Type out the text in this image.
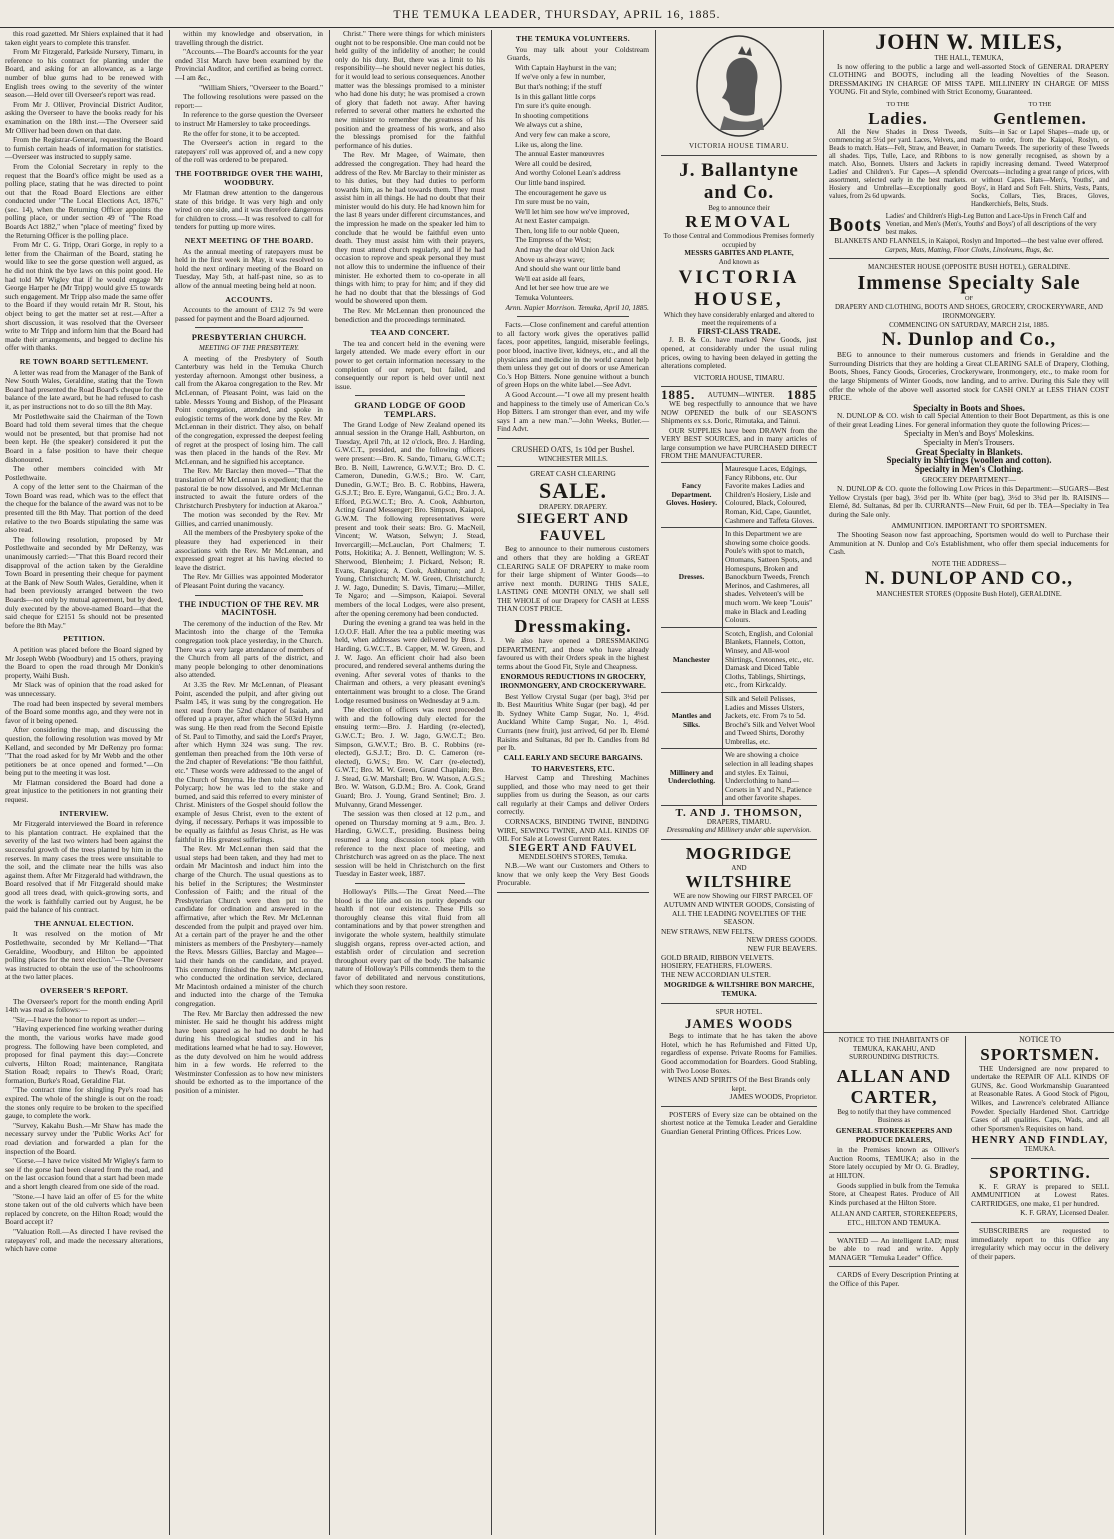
THE TEMUKA LEADER, THURSDAY, APRIL 16, 1885.

this road gazetted. Mr Shiers explained that it had taken eight years to complete this transfer.

From Mr Fitzgerald, Parkside Nursery, Timaru, in reference to his contract for planting under the Board, and asking for an allowance, as a large number of blue gums had to be renewed with English trees owing to the severity of the winter season.—Held over till Overseer's report was read.

From Mr J. Olliver, Provincial District Auditor, asking the Overseer to have the books ready for his examination on the 18th inst.—The Overseer said Mr Olliver had been down on that date.

From the Registrar-General, requesting the Board to furnish certain heads of information for statistics.—Overseer was instructed to supply same.

From the Colonial Secretary in reply to the request that the Board's office might be used as a polling place, stating that he was directed to point out that the Road Board Elections are either conducted under "The Local Elections Act, 1876," (sec. 14), when the Returning Officer appoints the polling place, or under section 49 of "The Road Boards Act 1882," when "place of meeting" fixed by the Returning Officer is the polling place.

From Mr C. G. Tripp, Orari Gorge, in reply to a letter from the Chairman of the Board, stating he would like to see the gorse question well argued, as he did not think the bye laws on this point good. He had told Mr Wigley that if he would engage Mr George Harper he (Mr Tripp) would give £5 towards such engagement. Mr Tripp also made the same offer to the Board if they would retain Mr R. Stout, his object being to get the matter set at rest.—After a short discussion, it was resolved that the Overseer write to Mr Tripp and inform him that the Board had made their arrangements, and begged to decline his offer with thanks.

RE TOWN BOARD SETTLEMENT.

A letter was read from the Manager of the Bank of New South Wales, Geraldine, stating that the Town Board had presented the Road Board's cheque for the balance of the late award, but he had refused to cash it, as per instructions not to do so till the 8th May.

Mr Postlethwaite said the Chairman of the Town Board had told them several times that the cheque would not be presented, but that promise had not been kept. He (the speaker) considered it put the Board in a false position to have their cheque dishonoured.

The other members coincided with Mr Postlethwaite.

A copy of the letter sent to the Chairman of the Town Board was read, which was to the effect that the cheque for the balance of the award was not to be presented till the 8th May. That portion of the deed relative to the two Boards stipulating the same was also read.

The following resolution, proposed by Mr Postlethwaite and seconded by Mr DeRenzy, was unanimously carried:—"That this Board record their disapproval of the action taken by the Geraldine Town Board in presenting their cheque for payment at the Bank of New South Wales, Geraldine, when it had been previously arranged between the two Boards—not only by mutual agreement, but by deed, duly executed by the above-named Board—that the said cheque for £2151 5s should not be presented before the 8th May."

PETITION.

A petition was placed before the Board signed by Mr Joseph Webb (Woodbury) and 15 others, praying the Board to open the road through Mr Donkin's property, Waihi Bush.

Mr Slack was of opinion that the road asked for was unnecessary.

The road had been inspected by several members of the Board some months ago, and they were not in favor of it being opened.

After considering the map, and discussing the question, the following resolution was moved by Mr Kelland, and seconded by Mr DeRenzy pro forma: "That the road asked for by Mr Webb and the other petitioners be at once opened and formed."—On being put to the meeting it was lost.

Mr Flatman considered the Board had done a great injustice to the petitioners in not granting their request.

INTERVIEW.

Mr Fitzgerald interviewed the Board in reference to his plantation contract. He explained that the severity of the last two winters had been against the successful growth of the trees planted by him in the reserves. In many cases the trees were unsuitable to the soil, and the climate near the hills was also against them. After Mr Fitzgerald had withdrawn, the Board resolved that if Mr Fitzgerald should make good all trees dead, with quick-growing sorts, and the work is faithfully carried out by August, he be paid the balance of his contract.

THE ANNUAL ELECTION.

It was resolved on the motion of Mr Postlethwaite, seconded by Mr Kelland—"That Geraldine, Woodbury, and Hilton be appointed polling places for the next election."—The Overseer was instructed to obtain the use of the schoolrooms at the two latter places.

OVERSEER'S REPORT.

The Overseer's report for the month ending April 14th was read as follows:—

"Sir,—I have the honor to report as under:—

"Having experienced fine working weather during the month, the various works have made good progress. The following have been completed, and proposed for final payment this day:—Concrete culverts, Hilton Road; maintenance, Rangitata Station Road; repairs to Thew's Road, Orari; formation, Burke's Road, Geraldine Flat.

"The contract time for shingling Pye's road has expired. The whole of the shingle is out on the road; the stones only require to be broken to the specified gauge, to complete the work.

"Survey, Kakahu Bush.—Mr Shaw has made the necessary survey under the 'Public Works Act' for road deviation and forwarded a plan for the inspection of the Board.

"Gorse.—I have twice visited Mr Wigley's farm to see if the gorse had been cleared from the road, and on the last occasion found that a start had been made and a short length cleared from one side of the road.

"Stone.—I have laid an offer of £5 for the white stone taken out of the old culverts which have been replaced by concrete, on the Hilton Road; would the Board accept it?

"Valuation Roll.—As directed I have revised the ratepayers' roll, and made the necessary alterations, which have come

within my knowledge and observation, in travelling through the district.

"Accounts.—The Board's accounts for the year ended 31st March have been examined by the Provincial Auditor, and certified as being correct.—I am &c.,

"William Shiers, "Overseer to the Board."

The following resolutions were passed on the report:—

In reference to the gorse question the Overseer to instruct Mr Hamersley to take proceedings.

Re the offer for stone, it to be accepted.

The Overseer's action in regard to the ratepayers' roll was approved of, and a new copy of the roll was ordered to be prepared.

THE FOOTBRIDGE OVER THE WAIHI, WOODBURY.

Mr Flatman drew attention to the dangerous state of this bridge. It was very high and only wired on one side, and it was therefore dangerous for children to cross.—It was resolved to call for tenders for putting up more wires.

NEXT MEETING OF THE BOARD.

As the annual meeting of ratepayers must be held in the first week in May, it was resolved to hold the next ordinary meeting of the Board on Tuesday, May 5th, at half-past nine, so as to allow of the annual meeting being held at noon.

ACCOUNTS.

Accounts to the amount of £312 7s 9d were passed for payment and the Board adjourned.

PRESBYTERIAN CHURCH.
MEETING OF THE PRESBYTERY.

A meeting of the Presbytery of South Canterbury was held in the Temuka Church yesterday afternoon. Amongst other business, a call from the Akaroa congregation to the Rev. Mr McLennan, of Pleasant Point, was laid on the table. Messrs Young and Bishop, of the Pleasant Point congregation, attended, and spoke in eulogistic terms of the work done by the Rev. Mr McLennan in their district. They also, on behalf of the congregation, expressed the deepest feeling of regret at the prospect of losing him. The call was then placed in the hands of the Rev. Mr McLennan, and he signified his acceptance.

The Rev. Mr Barclay then moved—"That the translation of Mr McLennan is expedient; that the pastoral tie be now dissolved, and Mr McLennan instructed to await the future orders of the Christchurch Presbytery for induction at Akaroa."

The motion was seconded by the Rev. Mr Gillies, and carried unanimously.

All the members of the Presbytery spoke of the pleasure they had experienced in their associations with the Rev. Mr McLennan, and expressed great regret at his having elected to leave the district.

The Rev. Mr Gillies was appointed Moderator of Pleasant Point during the vacancy.

THE INDUCTION OF THE REV. MR MACINTOSH.

The ceremony of the induction of the Rev. Mr Macintosh into the charge of the Temuka congregation took place yesterday, in the Church. There was a very large attendance of members of the Church from all parts of the district, and many people belonging to other denominations also attended.

At 3.35 the Rev. Mr McLennan, of Pleasant Point, ascended the pulpit, and after giving out Psalm 145, it was sung by the congregation. He next read from the 52nd chapter of Isaiah, and offered up a prayer, after which the 503rd Hymn was sung. He then read from the Second Epistle of St. Paul to Timothy, and said the Lord's Prayer, after which Hymn 324 was sung. The rev. gentleman then preached from the 10th verse of the 2nd chapter of Revelations: "Be thou faithful, etc." These words were addressed to the angel of the Church of Smyrna. He then told the story of Polycarp; how he was led to the stake and burned, and said this referred to every minister of Christ. Ministers of the Gospel should follow the example of Jesus Christ, even to the extent of dying, if necessary. Perhaps it was impossible to be equally as faithful as Jesus Christ, as He was faithful in His greatest sufferings.

The Rev. Mr McLennan then said that the usual steps had been taken, and they had met to ordain Mr Macintosh and induct him into the charge of the Church. The usual questions as to his belief in the Scriptures; the Westminster Confession of Faith; and the ritual of the Presbyterian Church were then put to the candidate for ordination and answered in the affirmative, after which the Rev. Mr McLennan descended from the pulpit and prayed over him. At a certain part of the prayer he and the other ministers as members of the Presbytery—namely the Revs. Messrs Gillies, Barclay and Magee—laid their hands on the candidate, and prayed. This ceremony finished the Rev. Mr McLennan, who conducted the ordination service, declared Mr Macintosh ordained a minister of the church and inducted into the charge of the Temuka congregation.

The Rev. Mr Barclay then addressed the new minister. He said he thought his address might have been spared as he had no doubt he had during his theological studies and in his meditations learned what he had to say. However, as the duty devolved on him he would address him in a few words. He referred to the Westminster Confession as to how new ministers should be exhorted as to the importance of the position of a minister.

Christ." There were things for which ministers ought not to be responsible. One man could not be held guilty of the infidelity of another; he could only do his duty. But, there was a limit to his responsibility—he should never neglect his duties, for it would lead to serious consequences. Another matter was the blessings promised to a minister who had done his duty; he was promised a crown of glory that fadeth not away. After having referred to several other matters he exhorted the new minister to remember the greatness of his position and the greatness of his work, and also the blessings promised for the faithful performance of his duties.

The Rev. Mr Magee, of Waimate, then addressed the congregation. They had heard the address of the Rev. Mr Barclay to their minister as to his duties, but they had duties to perform towards him, as he had towards them. They must assist him in all things. He had no doubt that their minister would do his duty. He had known him for the last 8 years under different circumstances, and the impression he made on the speaker led him to conclude that he would be faithful even unto death. They must assist him with their prayers, they must attend church regularly, and if he had occasion to reprove and speak personal they must not allow this to undermine the influence of their minister. He exhorted them to co-operate in all things with him; to pray for him; and if they did he had no doubt that that the blessings of God would be showered upon them.

The Rev. Mr McLennan then pronounced the benediction and the proceedings terminated.

TEA AND CONCERT.

The tea and concert held in the evening were largely attended. We made every effort in our power to get certain information necessary to the completion of our report, but failed, and consequently our report is held over until next issue.

GRAND LODGE OF GOOD TEMPLARS.

The Grand Lodge of New Zealand opened its annual session in the Orange Hall, Ashburton, on Tuesday, April 7th, at 12 o'clock, Bro. J. Harding, G.W.C.T., presided, and the following officers were present:—Bro. K. Sando, Timaru, G.W.C.T.; Bro. B. Neill, Lawrence, G.W.V.T.; Bro. D. C. Cameron, Dunedin, G.W.S.; Bro. W. Carr, Dunedin, G.W.T.; Bro. B. C. Robbins, Hawera, G.S.J.T.; Bro. E. Eyre, Wanganui, G.C.; Bro. J. A. Efford, P.G.W.C.T.; Bro. A. Cook, Ashburton, Acting Grand Messenger; Bro. Simpson, Kaiapoi, G.W.M. The following representatives were present and took their seats: Bro. G. MacNeil, Vincent; W. Watson, Selwyn; J. Stead, Invercargill;—McLauclan, Port Chalmers; T. Potts, Hokitika; A. J. Bennett, Wellington; W. S. Sherwood, Blenheim; J. Pickard, Nelson; R. Evans, Rangiora; A. Cook, Ashburton; and J. Young, Christchurch; M. W. Green, Christchurch; J. W. Jago, Dunedin; S. Davis, Timaru;—Miller, Te Ngaro; and —Simpson, Kaiapoi. Several members of the local Lodges, were also present, after the opening ceremony had been conducted.

During the evening a grand tea was held in the I.O.O.F. Hall. After the tea a public meeting was held, when addresses were delivered by Bros. J. Harding, G.W.C.T., B. Capper, M. W. Green, and J. W. Jago. An efficient choir had also been procured, and rendered several anthems during the evening. After several votes of thanks to the Chairman and others, a very pleasant evening's entertainment was brought to a close. The Grand Lodge resumed business on Wednesday at 9 a.m.

The election of officers was next proceeded with and the following duly elected for the ensuing term:—Bro. J. Harding (re-elected), G.W.C.T.; Bro. J. W. Jago, G.W.C.T.; Bro. Simpson, G.W.V.T.; Bro. B. C. Robbins (re-elected), G.S.J.T.; Bro. D. C. Cameron (re-elected), G.W.S.; Bro. W. Carr (re-elected), G.W.T.; Bro. M. W. Green, Grand Chaplain; Bro. J. Stead, G.W. Marshall; Bro. W. Watson, A.G.S.; Bro. W. Watson, G.D.M.; Bro. A. Cook, Grand Guard; Bro. J. Young, Grand Sentinel; Bro. J. Mulvanny, Grand Messenger.

The session was then closed at 12 p.m., and opened on Thursday morning at 9 a.m., Bro. J. Harding, G.W.C.T., presiding. Business being resumed a long discussion took place with reference to the next place of meeting, and Christchurch was agreed on as the place. The next session will be held in Christchurch on the first Tuesday in Easter week, 1887.

Holloway's Pills.—The Great Need.—The blood is the life and on its purity depends our health if not our existence. These Pills so thoroughly cleanse this vital fluid from all contaminations and by that power strengthen and invigorate the whole system, healthily stimulate sluggish organs, repress over-acted action, and establish order of circulation and secretion throughout every part of the body. The balsamic nature of Holloway's Pills commends them to the favor of debilitated and nervous constitutions, which they soon restore.

THE TEMUKA VOLUNTEERS.

You may talk about your Coldstream Guards,

With Captain Hayhurst in the van;

If we've only a few in number,

But that's nothing; if the stuff

Is in this gallant little corps

I'm sure it's quite enough.

In shooting competitions

We always cut a shine,

And very few can make a score,

Like us, along the line.

The annual Easter manœuvres

Were all could be desired,

And worthy Colonel Lean's address

Our little band inspired.

The encouragement he gave us

I'm sure must be no vain,

We'll let him see how we've improved,

At next Easter campaign.

Then, long life to our noble Queen,

The Empress of the West;

And may the dear old Union Jack

Above us always wave;

And should she want our little band

We'll eat aside all fears,

And let her see how true are we

Temuka Volunteers.

Arnn. Napier Morrison. Temuka, April 10, 1885.

Facts.—Close confinement and careful attention to all factory work gives the operatives pallid faces, poor appetites, languid, miserable feelings, poor blood, inactive liver, kidneys, etc., and all the physicians and medicine in the world cannot help them unless they get out of doors or use American Co.'s Hop Bitters. None genuine without a bunch of green Hops on the white label.—See Advt.

A Good Account.—"I owe all my present health and happiness to the timely use of American Co.'s Hop Bitters. I am stronger than ever, and my wife says I am a new man."—John Weeks, Butler.—Find Advt.

CRUSHED OATS, 1s 10d per Bushel.
WINCHESTER MILLS.
GREAT CASH CLEARING
SALE.
DRAPERY. DRAPERY.
SIEGERT AND
FAUVEL

Beg to announce to their numerous customers and others that they are holding a GREAT CLEARING SALE OF DRAPERY to make room for their large shipment of Winter Goods—to arrive next month. DURING THIS SALE, LASTING ONE MONTH ONLY, we shall sell THE WHOLE of our Drapery for CASH at LESS THAN COST PRICE.

Dressmaking.

We also have opened a DRESSMAKING DEPARTMENT, and those who have already favoured us with their Orders speak in the highest terms about the Good Fit, Style and Cheapness.

ENORMOUS REDUCTIONS IN GROCERY, IRONMONGERY, AND CROCKERYWARE.

Best Yellow Crystal Sugar (per bag), 3½d per lb. Best Mauritius White Sugar (per bag), 4d per lb. Sydney White Camp Sugar, No. 1, 4½d. Auckland White Camp Sugar, No. 1, 4½d. Currants (new fruit), just arrived, 6d per lb. Elemé Raisins and Sultanas, 8d per lb. Candles from 8d per lb.

CALL EARLY AND SECURE BARGAINS.
TO HARVESTERS, ETC.

Harvest Camp and Threshing Machines supplied, and those who may need to get their supplies from us during the Season, as our carts call regularly at their Camps and deliver Orders correctly.

CORNSACKS, BINDING TWINE, BINDING WIRE, SEWING TWINE, AND ALL KINDS OF OIL For Sale at Lowest Current Rates.

SIEGERT AND FAUVEL
MENDELSOHN'S STORES, Temuka.

N.B.—We want our Customers and Others to know that we only keep the Very Best Goods Procurable.

VICTORIA HOUSE TIMARU.
J. Ballantyne
and Co.
Beg to announce their
REMOVAL
To those Central and Commodious Premises formerly occupied by
MESSRS GABITES AND PLANTE,
And known as
VICTORIA
HOUSE,
Which they have considerably enlarged and altered to meet the requirements of a
FIRST-CLASS TRADE.

J. B. & Co. have marked New Goods, just opened, at considerably under the usual ruling prices, owing to having been delayed in getting the alterations completed.

VICTORIA HOUSE, TIMARU.
1885. AUTUMN—WINTER. 1885

WE beg respectfully to announce that we have NOW OPENED the bulk of our SEASON'S Shipments ex s.s. Doric, Rimutaka, and Tainui.

OUR SUPPLIES have been DRAWN from the VERY BEST SOURCES, and in many articles of large consumption we have PURCHASED DIRECT FROM THE MANUFACTURER.

Fancy Department. Gloves. Hosiery.
Mauresque Laces, Edgings, Fancy Ribbons, etc. Our Favorite makes Ladies and Children's Hosiery, Lisle and Coloured, Black, Coloured, Roman, Kid, Cape, Gauntlet, Cashmere and Taffeta Gloves.
Dresses.
In this Department we are showing some choice goods. Poule's with spot to match, Ottomans, Satteen Spots, and Homespuns, Broken and Banockburn Tweeds, French Merinos, and Cashmeres, all shades. Velveteen's will be much worn. We keep "Louis" make in Black and Leading Colours.
Manchester
Scotch, English, and Colonial Blankets, Flannels, Cotton, Winsey, and All-wool Shirtings, Cretonnes, etc., etc. Damask and Diced Table Cloths, Tablings, Shirtings, etc., from Kirkcaldy.
Mantles and Silks.
Silk and Seleil Pelisses, Ladies and Misses Ulsters, Jackets, etc. From 7s to 5d. Broché's Silk and Velvet Wool and Tweed Shirts, Dorothy Umbrellas, etc.
Millinery and Underclothing.
We are showing a choice selection in all leading shapes and styles. Ex Tainui, Underclothing to hand—Corsets in Y and N., Patience and other favorite shapes.
T. AND J. THOMSON,
DRAPERS, TIMARU.
Dressmaking and Millinery under able supervision.
MOGRIDGE
AND
WILTSHIRE

WE are now Showing our FIRST PARCEL OF AUTUMN AND WINTER GOODS, Consisting of ALL THE LEADING NOVELTIES OF THE SEASON.

NEW STRAWS, NEW FELTS.
NEW DRESS GOODS.
NEW FUR BEAVERS.
GOLD BRAID, RIBBON VELVETS.
HOSIERY, FEATHERS, FLOWERS.
THE NEW ACCORDIAN ULSTER.
MOGRIDGE & WILTSHIRE BON MARCHE, TEMUKA.
SPUR HOTEL.
JAMES WOODS

Begs to intimate that he has taken the above Hotel, which he has Refurnished and Fitted Up, regardless of expense. Private Rooms for Families. Good accommodation for Boarders. Good Stabling, with Two Loose Boxes.

WINES AND SPIRITS Of the Best Brands only kept.
JAMES WOODS, Proprietor.

POSTERS of Every size can be obtained on the shortest notice at the Temuka Leader and Geraldine Guardian General Printing Offices. Prices Low.

JOHN W. MILES,
THE HALL, TEMUKA,

Is now offering to the public a large and well-assorted Stock of GENERAL DRAPERY CLOTHING and BOOTS, including all the leading Novelties of the Season. DRESSMAKING IN CHARGE OF MISS TAPE. MILLINERY IN CHARGE OF MISS YOUNG. Fit and Style, combined with Strict Economy, Guaranteed.

TO THE
Ladies.

All the New Shades in Dress Tweeds, commencing at 5½d per yard. Laces, Velvets, and Beads to match. Hats—Felt, Straw, and Beaver, in all shades. Tips, Tulle, Lace, and Ribbons to match. Also, Bonnets. Ulsters and Jackets in Ladies' and Children's. Fur Capes—A splendid assortment, selected early in the best markets. Hosiery and Umbrellas—Exceptionally good values, from 2s 6d upwards.

TO THE
Gentlemen.

Suits—in Sac or Lapel Shapes—made up, or made to order, from the Kaiapoi, Roslyn, or Oamaru Tweeds. The superiority of these Tweeds is now generally recognised, as shown by a rapidly increasing demand. Tweed Waterproof Overcoats—including a great range of prices, with or without Capes. Hats—Men's, Youths', and Boys', in Hard and Soft Felt. Shirts, Vests, Pants, Socks, Collars, Ties, Braces, Gloves, Handkerchiefs, Belts, Studs.

Boots Ladies' and Children's High-Leg Button and Lace-Ups in French Calf and Venetian, and Men's (Men's, Youths' and Boys') of all descriptions of the very best makes.
BLANKETS AND FLANNELS, in Kaiapoi, Roslyn and Imported—the best value ever offered.
Carpets, Mats, Matting, Floor Cloths, Linoleums, Rugs, &c.
MANCHESTER HOUSE (OPPOSITE BUSH HOTEL), GERALDINE.
Immense Specialty Sale
OF
DRAPERY AND CLOTHING, BOOTS AND SHOES, GROCERY, CROCKERYWARE, AND IRONMONGERY.
COMMENCING ON SATURDAY, MARCH 21st, 1885.
N. Dunlop and Co.,

BEG to announce to their numerous customers and friends in Geraldine and the Surrounding Districts that they are holding a Great CLEARING SALE of Drapery, Clothing, Boots, Shoes, Fancy Goods, Groceries, Crockeryware, Ironmongery, etc., to make room for the large Shipments of Winter Goods, now landing, and to arrive. During this Sale they will offer the whole of the above well assorted stock for CASH ONLY at LESS THAN COST PRICE.

Specialty in Boots and Shoes.

N. DUNLOP & CO. wish to call Special Attention to their Boot Department, as this is one of their great Leading Lines. For general information they quote the following Prices:—

Specialty in Men's and Boys' Moleskins.
Specialty in Men's Trousers.
Great Specialty in Blankets.
Specialty in Shirtings (woollen and cotton).
Specialty in Men's Clothing.
GROCERY DEPARTMENT—

N. DUNLOP & CO. quote the following Low Prices in this Department:—SUGARS—Best Yellow Crystals (per bag), 3½d per lb. White (per bag), 3½d to 3¾d per lb. RAISINS—Elemé, 8d. Sultanas, 8d per lb. CURRANTS—New Fruit, 6d per lb. TEA—Specialty in Tea during the Sale only.

AMMUNITION. IMPORTANT TO SPORTSMEN.

The Shooting Season now fast approaching, Sportsmen would do well to Purchase their Ammunition at N. Dunlop and Co's Establishment, who offer them special inducements for Cash.

NOTE THE ADDRESS—
N. DUNLOP AND CO.,
MANCHESTER STORES (Opposite Bush Hotel), GERALDINE.
NOTICE TO THE INHABITANTS OF TEMUKA, KAKAHU, AND SURROUNDING DISTRICTS.
ALLAN AND
CARTER,
Beg to notify that they have commenced Business as
GENERAL STOREKEEPERS AND PRODUCE DEALERS,

in the Premises known as Olliver's Auction Rooms, TEMUKA; also in the Store lately occupied by Mr O. G. Bradley, at HILTON.

Goods supplied in bulk from the Temuka Store, at Cheapest Rates. Produce of All Kinds purchased at the Hilton Store.

ALLAN AND CARTER, STOREKEEPERS, ETC., HILTON AND TEMUKA.

WANTED — An intelligent LAD; must be able to read and write. Apply MANAGER "Temuka Leader" Office.

CARDS of Every Description Printing at the Office of this Paper.

NOTICE TO
SPORTSMEN.

THE Undersigned are now prepared to undertake the REPAIR OF ALL KINDS OF GUNS, &c. Good Workmanship Guaranteed at Reasonable Rates. A Good Stock of Pigou, Wilkes, and Lawrence's celebrated Alliance Powder. Specially Hardened Shot. Cartridge Cases of all qualities. Caps, Wads, and all other Sportsmen's Requisites on hand.

HENRY AND FINDLAY,
TEMUKA.
SPORTING.

K. F. GRAY is prepared to SELL AMMUNITION at Lowest Rates. CARTRIDGES, one make, £1 per hundred.

K. F. GRAY, Licensed Dealer.

SUBSCRIBERS are requested to immediately report to this Office any irregularity which may occur in the delivery of their papers.
